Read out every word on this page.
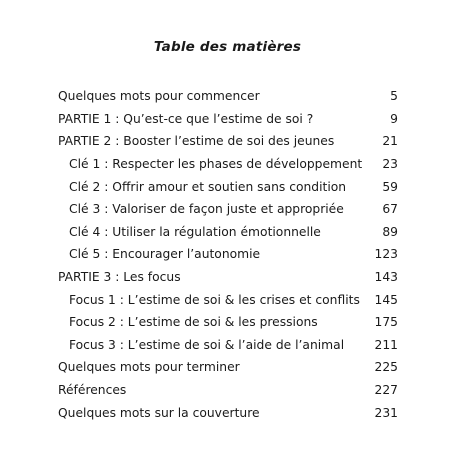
Table des matières
Quelques mots pour commencer	5
PARTIE 1 : Qu’est-ce que l’estime de soi ?	9
PARTIE 2 : Booster l’estime de soi des jeunes	21
Clé 1 : Respecter les phases de développement	23
Clé 2 : Offrir amour et soutien sans condition	59
Clé 3 : Valoriser de façon juste et appropriée	67
Clé 4 : Utiliser la régulation émotionnelle	89
Clé 5 : Encourager l’autonomie	123
PARTIE 3 : Les focus	143
Focus 1 : L’estime de soi & les crises et conflits	145
Focus 2 : L’estime de soi & les pressions	175
Focus 3 : L’estime de soi & l’aide de l’animal	211
Quelques mots pour terminer	225
Références	227
Quelques mots sur la couverture	231
